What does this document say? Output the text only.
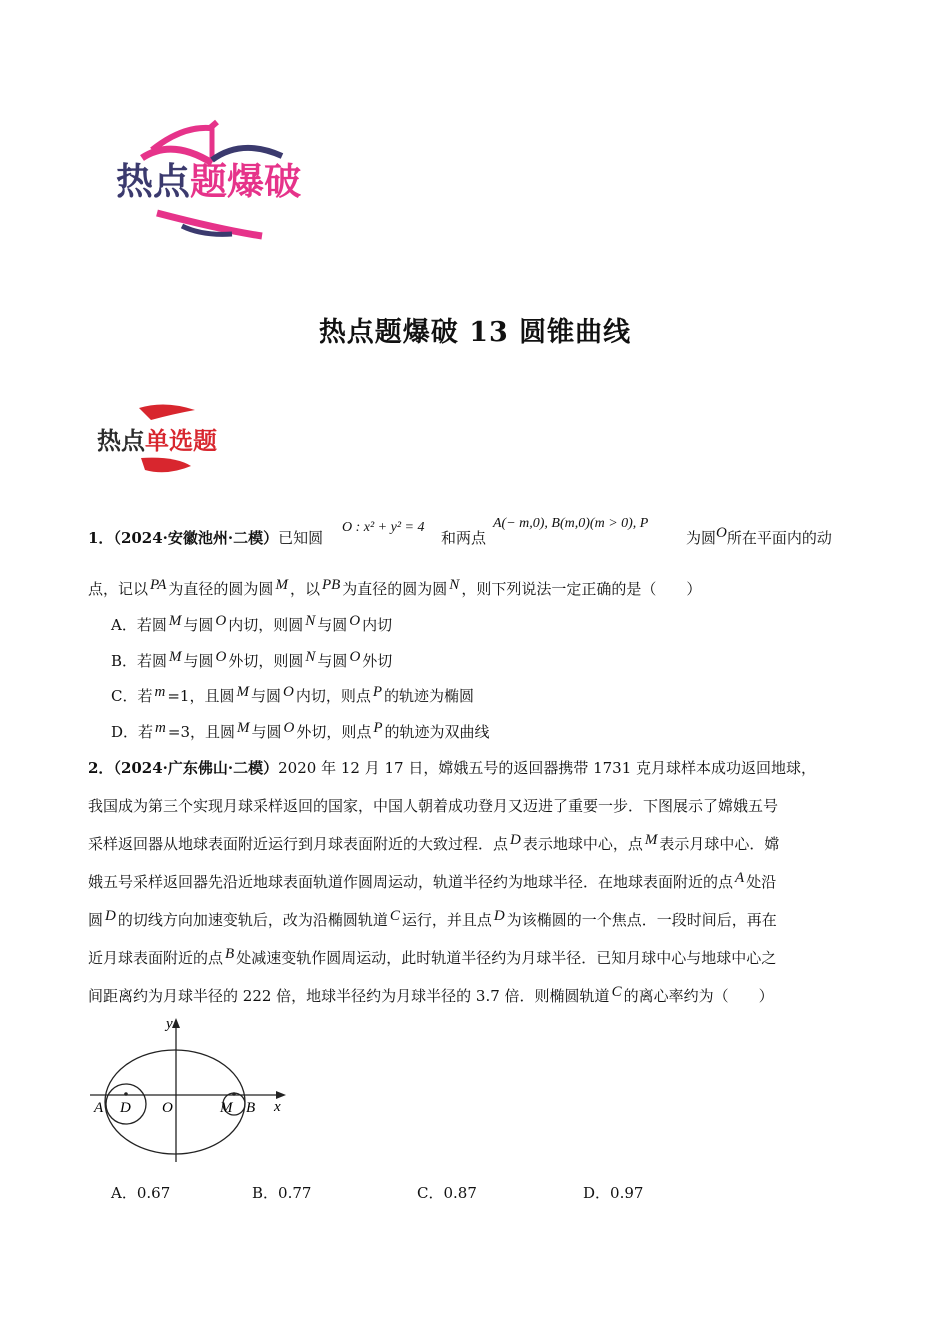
热点题爆破
热点题爆破 13 圆锥曲线
热点单选题
1．（2024·安徽池州·二模）已知圆
O : x² + y² = 4
和两点
A(− m,0), B(m,0)(m > 0), P
为圆O所在平面内的动
点，记以 PA 为直径的圆为圆 M ，以 PB 为直径的圆为圆 N ，则下列说法一定正确的是（　　）
A．若圆 M 与圆 O 内切，则圆 N 与圆 O 内切
B．若圆 M 与圆 O 外切，则圆 N 与圆 O 外切
C．若 m =1，且圆 M 与圆 O 内切，则点 P 的轨迹为椭圆
D．若 m =3，且圆 M 与圆 O 外切，则点 P 的轨迹为双曲线
2．（2024·广东佛山·二模）2020 年 12 月 17 日，嫦娥五号的返回器携带 1731 克月球样本成功返回地球，
我国成为第三个实现月球采样返回的国家，中国人朝着成功登月又迈进了重要一步．下图展示了嫦娥五号
采样返回器从地球表面附近运行到月球表面附近的大致过程．点 D 表示地球中心，点 M 表示月球中心．嫦
娥五号采样返回器先沿近地球表面轨道作圆周运动，轨道半径约为地球半径．在地球表面附近的点 A 处沿
圆 D 的切线方向加速变轨后，改为沿椭圆轨道 C 运行，并且点 D 为该椭圆的一个焦点．一段时间后，再在
近月球表面附近的点 B 处减速变轨作圆周运动，此时轨道半径约为月球半径．已知月球中心与地球中心之
间距离约为月球半径的 222 倍，地球半径约为月球半径的 3.7 倍．则椭圆轨道 C 的离心率约为（　　）
y
x
A D O	M B
A．0.67	B．0.77	C．0.87	D．0.97
